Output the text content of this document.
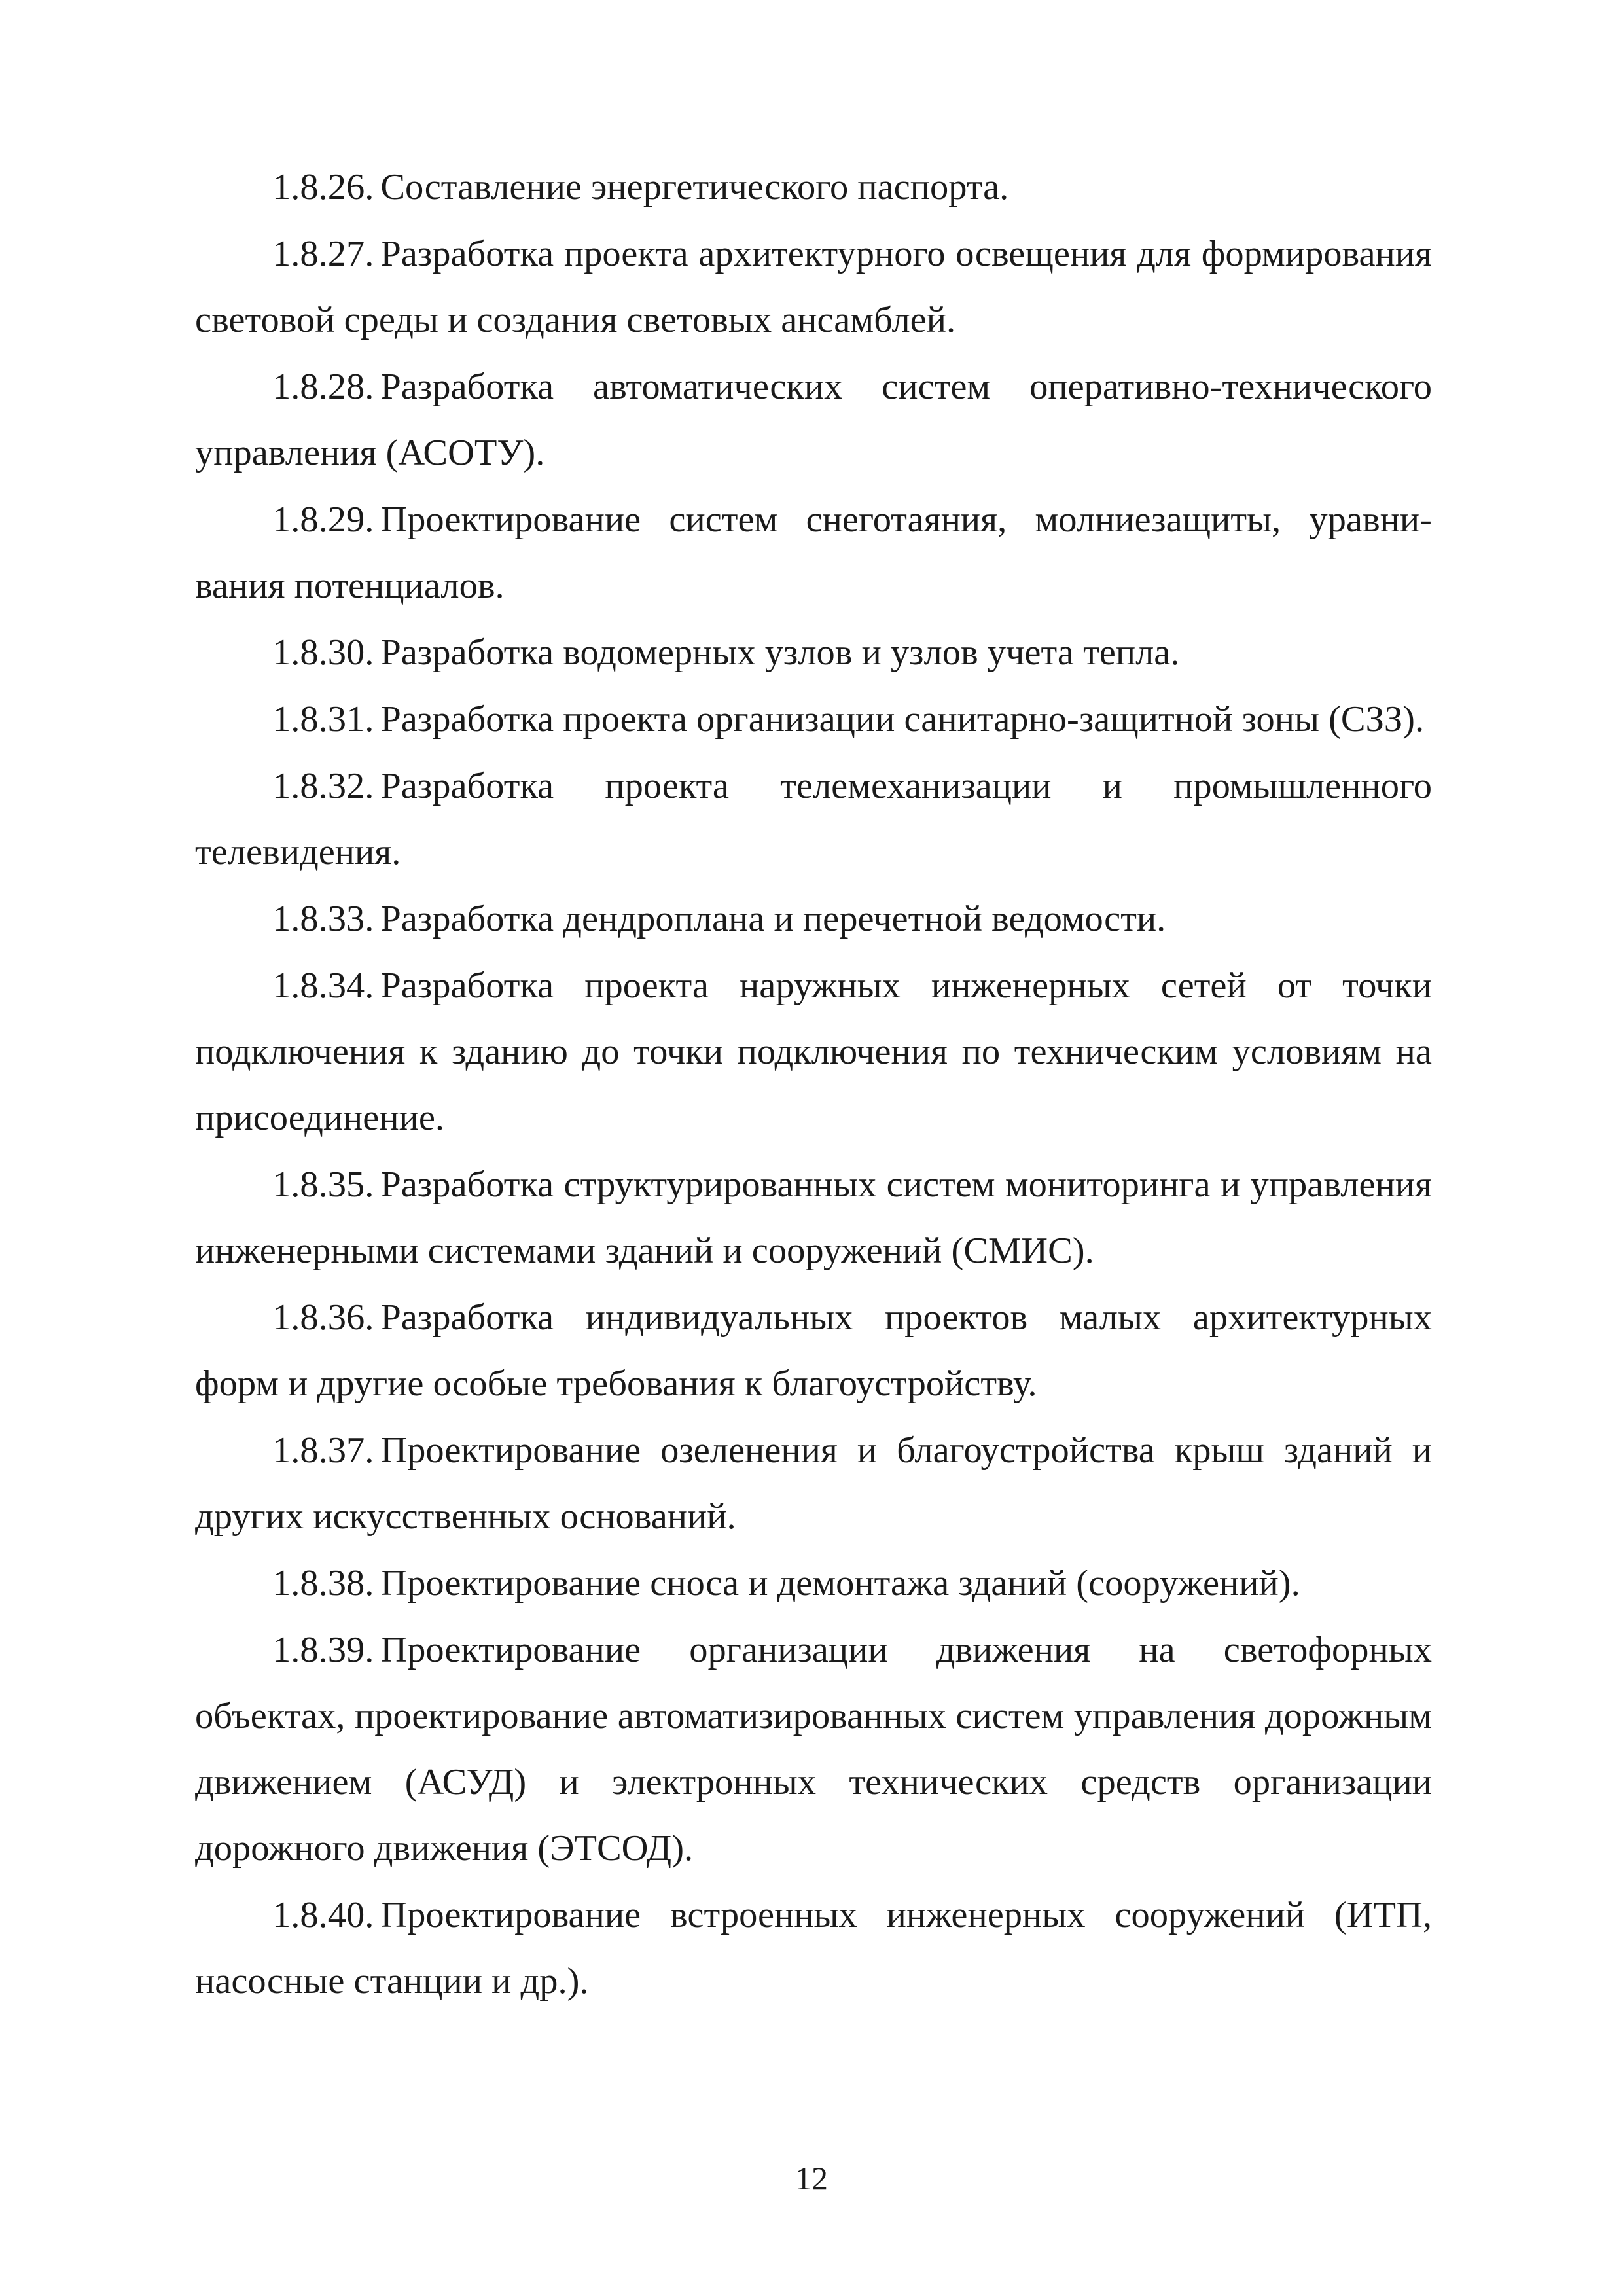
1.8.26. Составление энергетического паспорта.

1.8.27. Разработка проекта архитектурного освещения для формирования световой среды и создания световых ансамблей.

1.8.28. Разработка автоматических систем оперативно-технического управления (АСОТУ).

1.8.29. Проектирование систем снеготаяния, молниезащиты, уравнивания потенциалов.

1.8.30. Разработка водомерных узлов и узлов учета тепла.

1.8.31. Разработка проекта организации санитарно-защитной зоны (СЗЗ).

1.8.32. Разработка проекта телемеханизации и промышленного телевидения.

1.8.33. Разработка дендроплана и перечетной ведомости.

1.8.34. Разработка проекта наружных инженерных сетей от точки подключения к зданию до точки подключения по техническим условиям на присоединение.

1.8.35. Разработка структурированных систем мониторинга и управления инженерными системами зданий и сооружений (СМИС).

1.8.36. Разработка индивидуальных проектов малых архитектурных форм и другие особые требования к благоустройству.

1.8.37. Проектирование озеленения и благоустройства крыш зданий и других искусственных оснований.

1.8.38. Проектирование сноса и демонтажа зданий (сооружений).

1.8.39. Проектирование организации движения на светофорных объектах, проектирование автоматизированных систем управления дорожным движением (АСУД) и электронных технических средств организации дорожного движения (ЭТСОД).

1.8.40. Проектирование встроенных инженерных сооружений (ИТП, насосные станции и др.).

12
